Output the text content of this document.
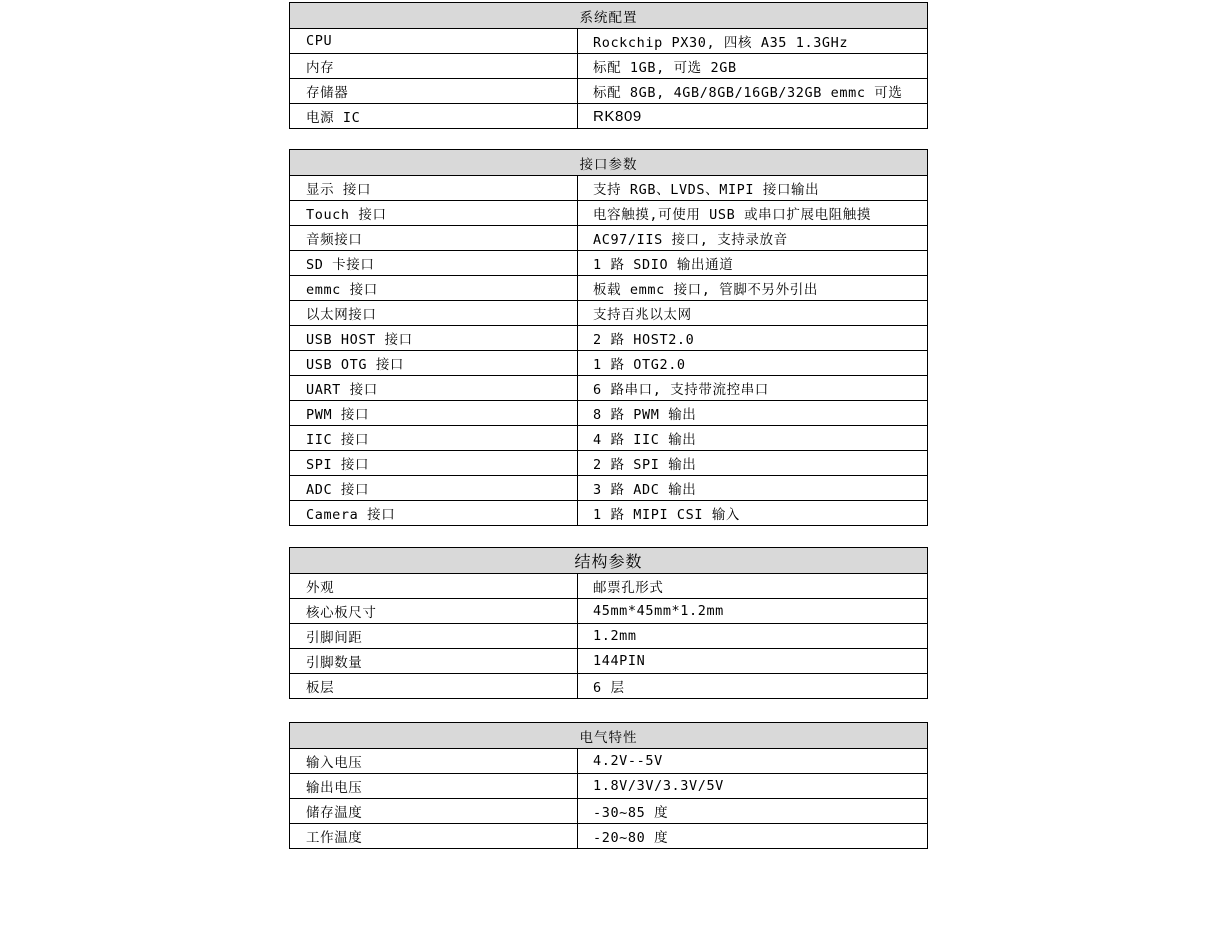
系统配置	
CPU	Rockchip PX30, 四核 A35 1.3GHz
内存	标配 1GB, 可选 2GB
存储器	标配 8GB, 4GB/8GB/16GB/32GB emmc 可选
电源 IC	RK809
接口参数	
显示 接口	支持 RGB、LVDS、MIPI 接口输出
Touch 接口	电容触摸,可使用 USB 或串口扩展电阻触摸
音频接口	AC97/IIS 接口, 支持录放音
SD 卡接口	1 路 SDIO 输出通道
emmc 接口	板载 emmc 接口, 管脚不另外引出
以太网接口	支持百兆以太网
USB HOST 接口	2 路 HOST2.0
USB OTG 接口	1 路 OTG2.0
UART 接口	6 路串口, 支持带流控串口
PWM 接口	8 路 PWM 输出
IIC 接口	4 路 IIC 输出
SPI 接口	2 路 SPI 输出
ADC 接口	3 路 ADC 输出
Camera 接口	1 路 MIPI CSI 输入
结构参数	
外观	邮票孔形式
核心板尺寸	45mm*45mm*1.2mm
引脚间距	1.2mm
引脚数量	144PIN
板层	6 层
电气特性	
输入电压	4.2V--5V
输出电压	1.8V/3V/3.3V/5V
储存温度	-30~85 度
工作温度	-20~80 度
